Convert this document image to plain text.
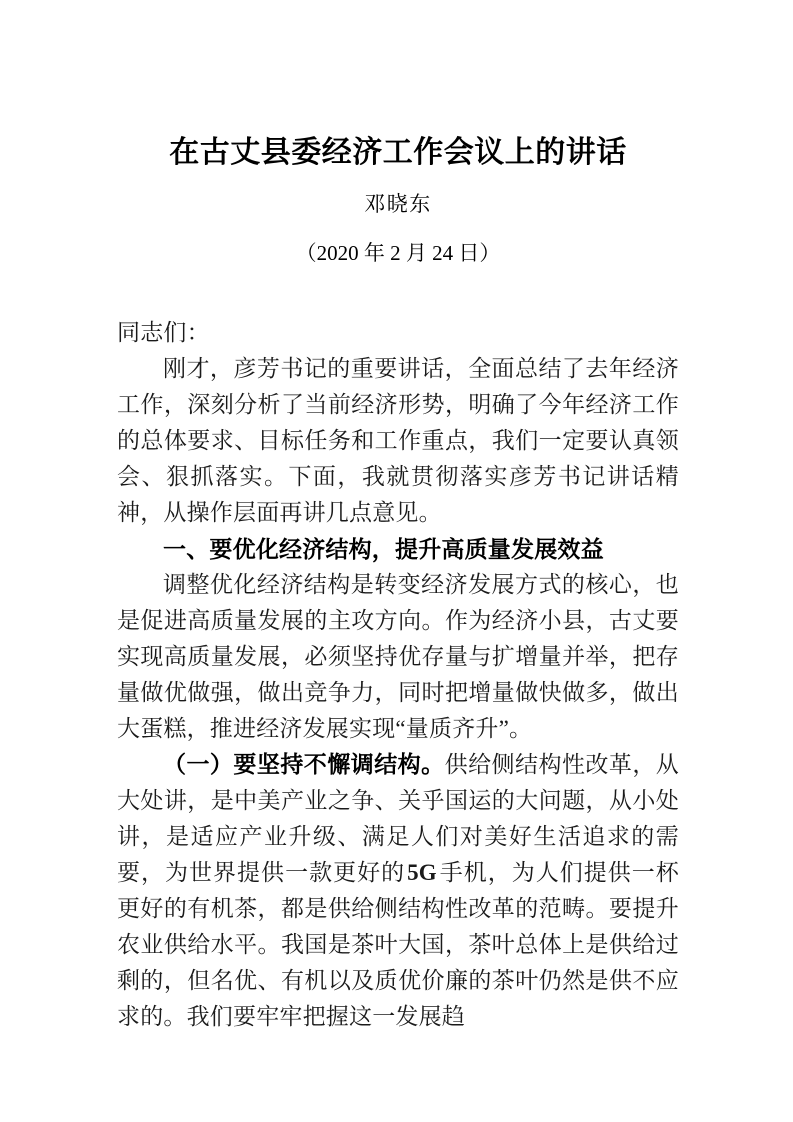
在古丈县委经济工作会议上的讲话
邓晓东
（2020 年 2 月 24 日）

同志们：

刚才，彦芳书记的重要讲话，全面总结了去年经济工作，深刻分析了当前经济形势，明确了今年经济工作的总体要求、目标任务和工作重点，我们一定要认真领会、狠抓落实。下面，我就贯彻落实彦芳书记讲话精神，从操作层面再讲几点意见。

一、要优化经济结构，提升高质量发展效益

调整优化经济结构是转变经济发展方式的核心，也是促进高质量发展的主攻方向。作为经济小县，古丈要实现高质量发展，必须坚持优存量与扩增量并举，把存量做优做强，做出竞争力，同时把增量做快做多，做出大蛋糕，推进经济发展实现“量质齐升”。

（一）要坚持不懈调结构。供给侧结构性改革，从大处讲，是中美产业之争、关乎国运的大问题，从小处讲，是适应产业升级、满足人们对美好生活追求的需要，为世界提供一款更好的5G手机，为人们提供一杯更好的有机茶，都是供给侧结构性改革的范畴。要提升农业供给水平。我国是茶叶大国，茶叶总体上是供给过剩的，但名优、有机以及质优价廉的茶叶仍然是供不应求的。我们要牢牢把握这一发展趋
